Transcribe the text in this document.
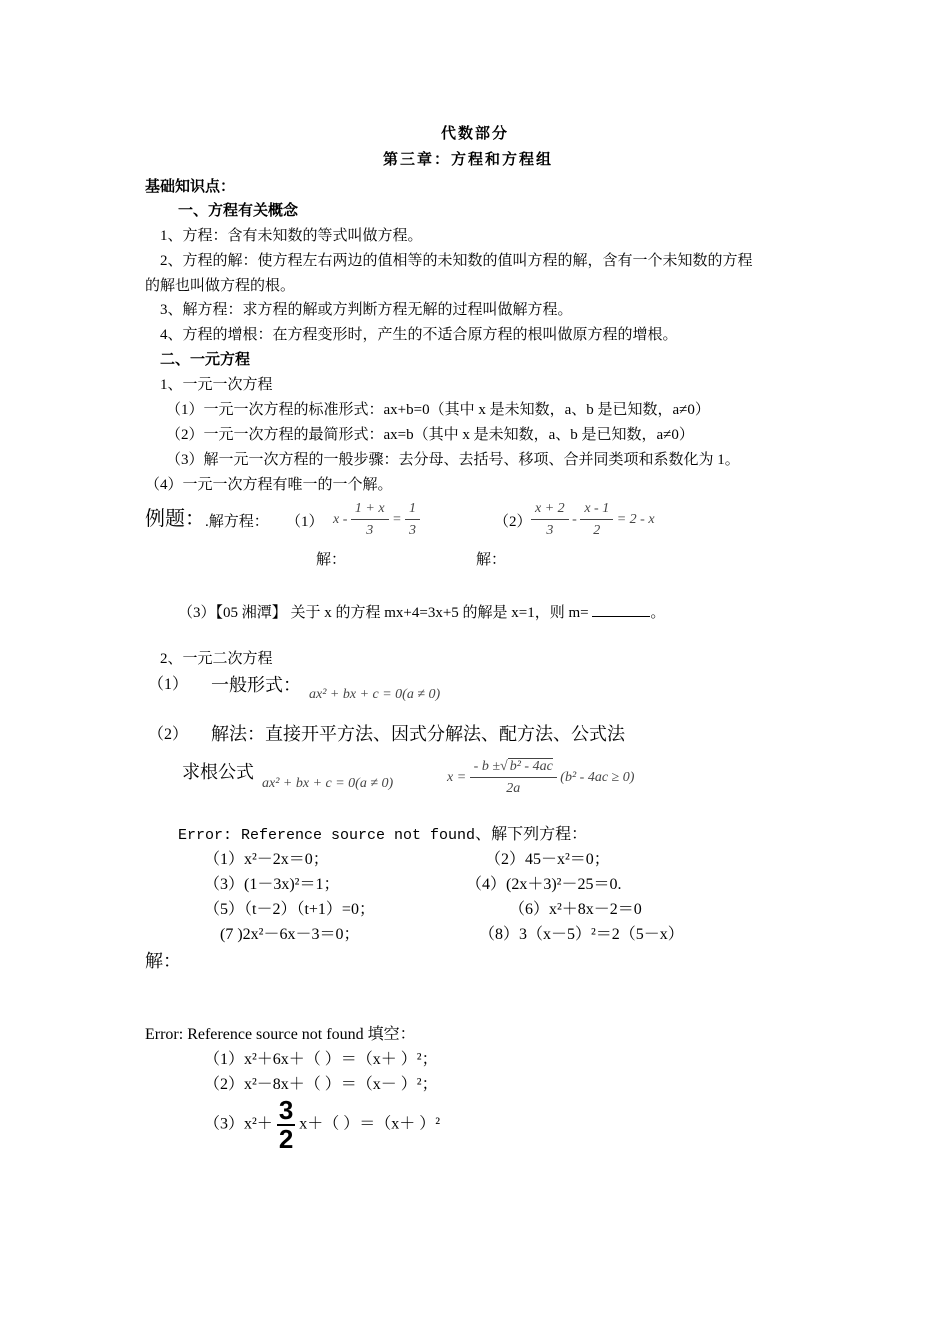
代数部分
第三章：方程和方程组
基础知识点：
一、方程有关概念
1、方程：含有未知数的等式叫做方程。
2、方程的解：使方程左右两边的值相等的未知数的值叫方程的解，含有一个未知数的方程
的解也叫做方程的根。
3、解方程：求方程的解或方判断方程无解的过程叫做解方程。
4、方程的增根：在方程变形时，产生的不适合原方程的根叫做原方程的增根。
二、一元方程
1、一元一次方程
（1）一元一次方程的标准形式：ax+b=0（其中 x 是未知数，a、b 是已知数，a≠0）
（2）一元一次方程的最简形式：ax=b（其中 x 是未知数，a、b 是已知数，a≠0）
（3）解一元一次方程的一般步骤：去分母、去括号、移项、合并同类项和系数化为 1。
（4）一元一次方程有唯一的一个解。
例题： .解方程： （1） $x - \frac{1 + x}{3} = \frac{1}{3}$	$(2) \frac{x + 2}{3} - \frac{x - 1}{2} = 2 - x$
解：	解：
（3）【05 湘潭】 关于 x 的方程 mx+4=3x+5 的解是 x=1，则 m=	。
2、一元二次方程
（1） 一般形式： ax² + bx + c = 0(a ≠ 0)
（2） 解法：直接开平方法、因式分解法、配方法、公式法
求根公式
ax² + bx + c = 0(a ≠ 0)	$x = \frac{\text{- b ±√ b² - 4ac}}{2a} (b^2 - 4ac \ge 0)$
Error: Reference source not found、解下列方程：
（1）x²－2x＝0；	（2）45－x²＝0；
（3）(1－3x)²＝1；	（4）(2x＋3)²－25＝0.
（5）（t－2）（t+1）=0；	（6）x²＋8x－2＝0
(7 )2x²－6x－3＝0；	（8）3（x－5）²＝2（5－x）
解：
Error: Reference source not found 填空：
（1）x²＋6x＋（ ）＝（x＋ ）²；
（2）x²－8x＋（ ）＝（x－ ）²；
$(3)x^2+ \frac{3}{2} x+$（ ）＝（x＋ ）²
